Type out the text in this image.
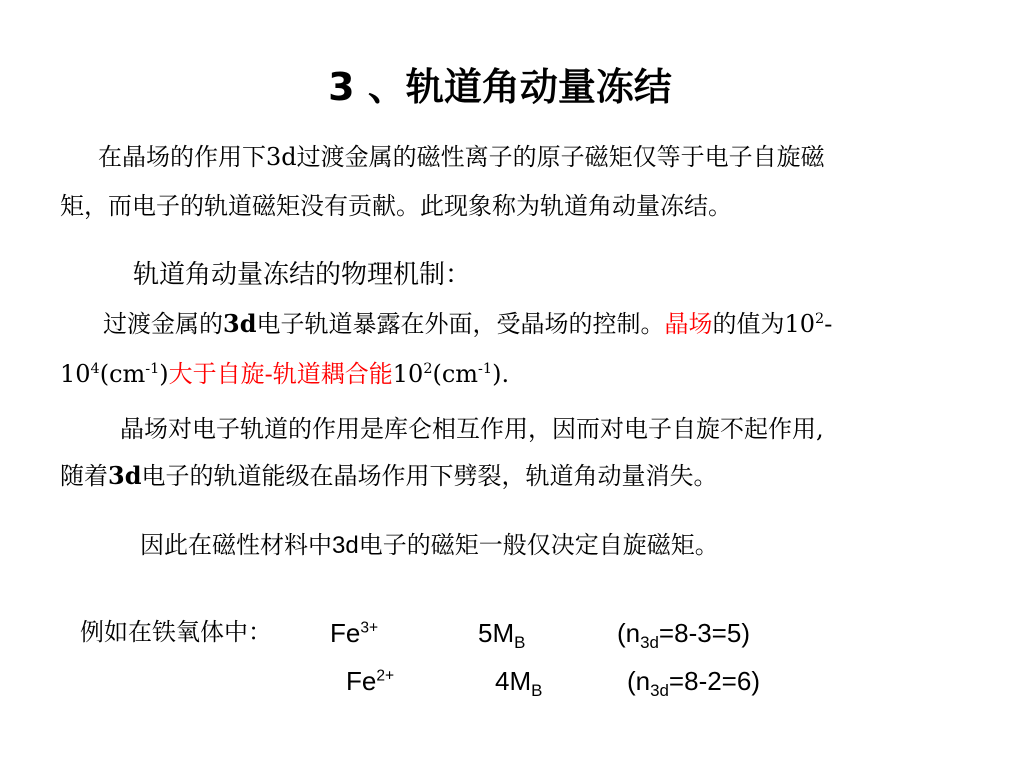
3 、轨道角动量冻结
在晶场的作用下3d过渡金属的磁性离子的原子磁矩仅等于电子自旋磁
矩，而电子的轨道磁矩没有贡献。此现象称为轨道角动量冻结。
轨道角动量冻结的物理机制：
过渡金属的3d电子轨道暴露在外面，受晶场的控制。晶场的值为$10^2-$
$10^4(cm^{-1})$大于自旋-轨道耦合能$10^2(cm^{-1})$.
晶场对电子轨道的作用是库仑相互作用，因而对电子自旋不起作用,
随着3d电子的轨道能级在晶场作用下劈裂，轨道角动量消失。
因此在磁性材料中3d电子的磁矩一般仅决定自旋磁矩。
例如在铁氧体中： $Fe^{3+}$	$5M_B$	$(n_{3d}=8-3=5)$
$Fe^{2+}$	$4M_B$	$(n_{3d}=8-2=6)$
